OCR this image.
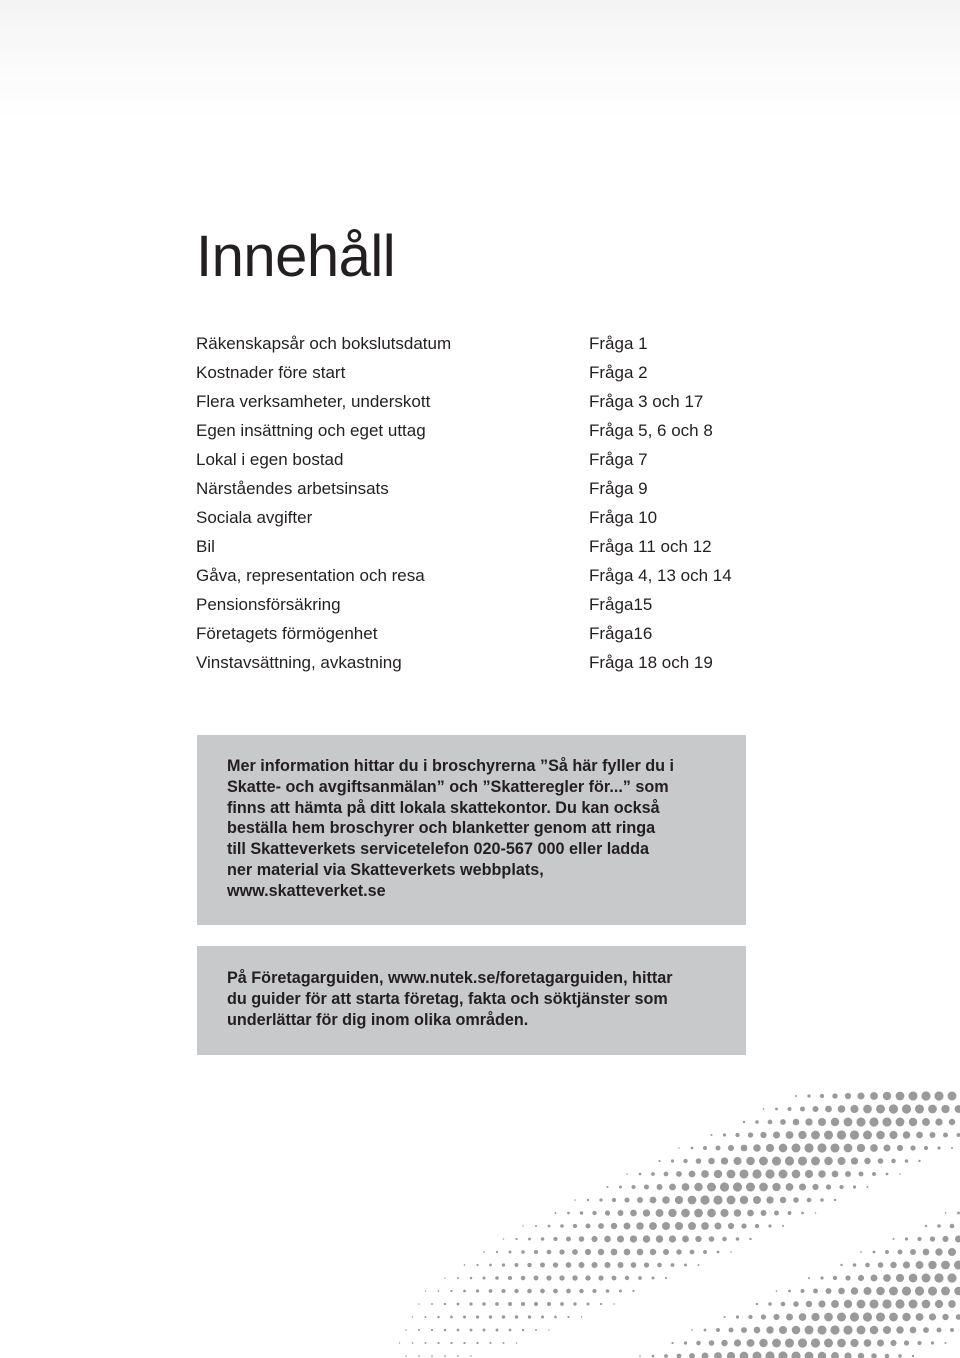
Innehåll
Räkenskapsår och bokslutsdatum	Fråga 1
Kostnader före start	Fråga 2
Flera verksamheter, underskott	Fråga 3 och 17
Egen insättning och eget uttag	Fråga 5, 6 och 8
Lokal i egen bostad	Fråga 7
Närståendes arbetsinsats	Fråga 9
Sociala avgifter	Fråga 10
Bil	Fråga 11 och 12
Gåva, representation och resa	Fråga 4, 13 och 14
Pensionsförsäkring	Fråga15
Företagets förmögenhet	Fråga16
Vinstavsättning, avkastning	Fråga 18 och 19

Mer information hittar du i broschyrerna ”Så här fyller du i

Skatte- och avgiftsanmälan” och ”Skatteregler för...” som

finns att hämta på ditt lokala skattekontor. Du kan också

beställa hem broschyrer och blanketter genom att ringa

till Skatteverkets servicetelefon 020-567 000 eller ladda

ner material via Skatteverkets webbplats,

www.skatteverket.se

På Företagarguiden, www.nutek.se/foretagarguiden, hittar

du guider för att starta företag, fakta och söktjänster som

underlättar för dig inom olika områden.
